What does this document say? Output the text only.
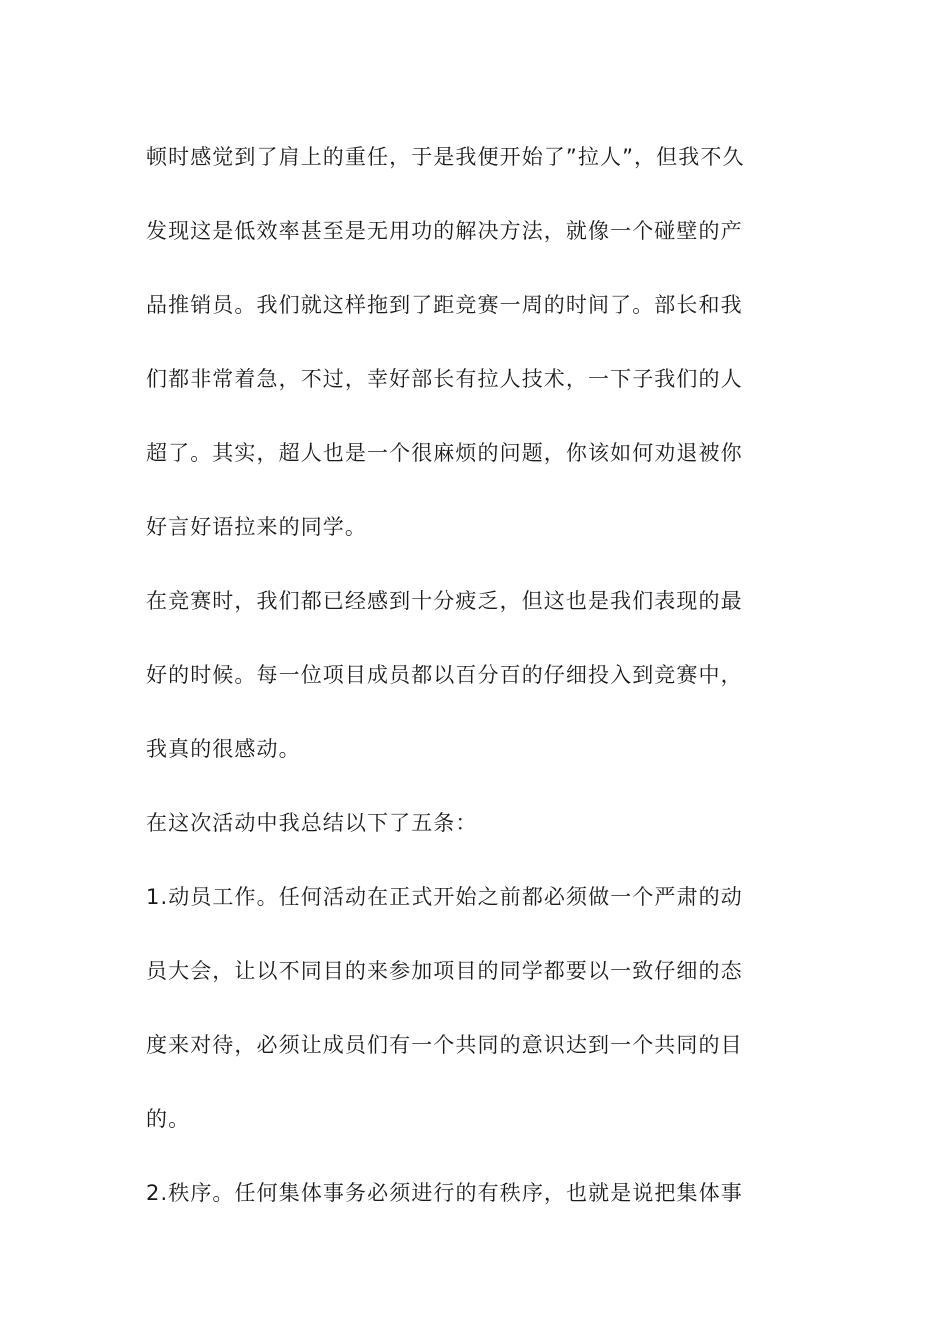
顿时感觉到了肩上的重任，于是我便开始了”拉人”，但我不久
发现这是低效率甚至是无用功的解决方法，就像一个碰壁的产
品推销员。我们就这样拖到了距竞赛一周的时间了。部长和我
们都非常着急，不过，幸好部长有拉人技术，一下子我们的人
超了。其实，超人也是一个很麻烦的问题，你该如何劝退被你
好言好语拉来的同学。
在竞赛时，我们都已经感到十分疲乏，但这也是我们表现的最
好的时候。每一位项目成员都以百分百的仔细投入到竞赛中，
我真的很感动。
在这次活动中我总结以下了五条：
1.动员工作。任何活动在正式开始之前都必须做一个严肃的动
员大会，让以不同目的来参加项目的同学都要以一致仔细的态
度来对待，必须让成员们有一个共同的意识达到一个共同的目
的。
2.秩序。任何集体事务必须进行的有秩序，也就是说把集体事
